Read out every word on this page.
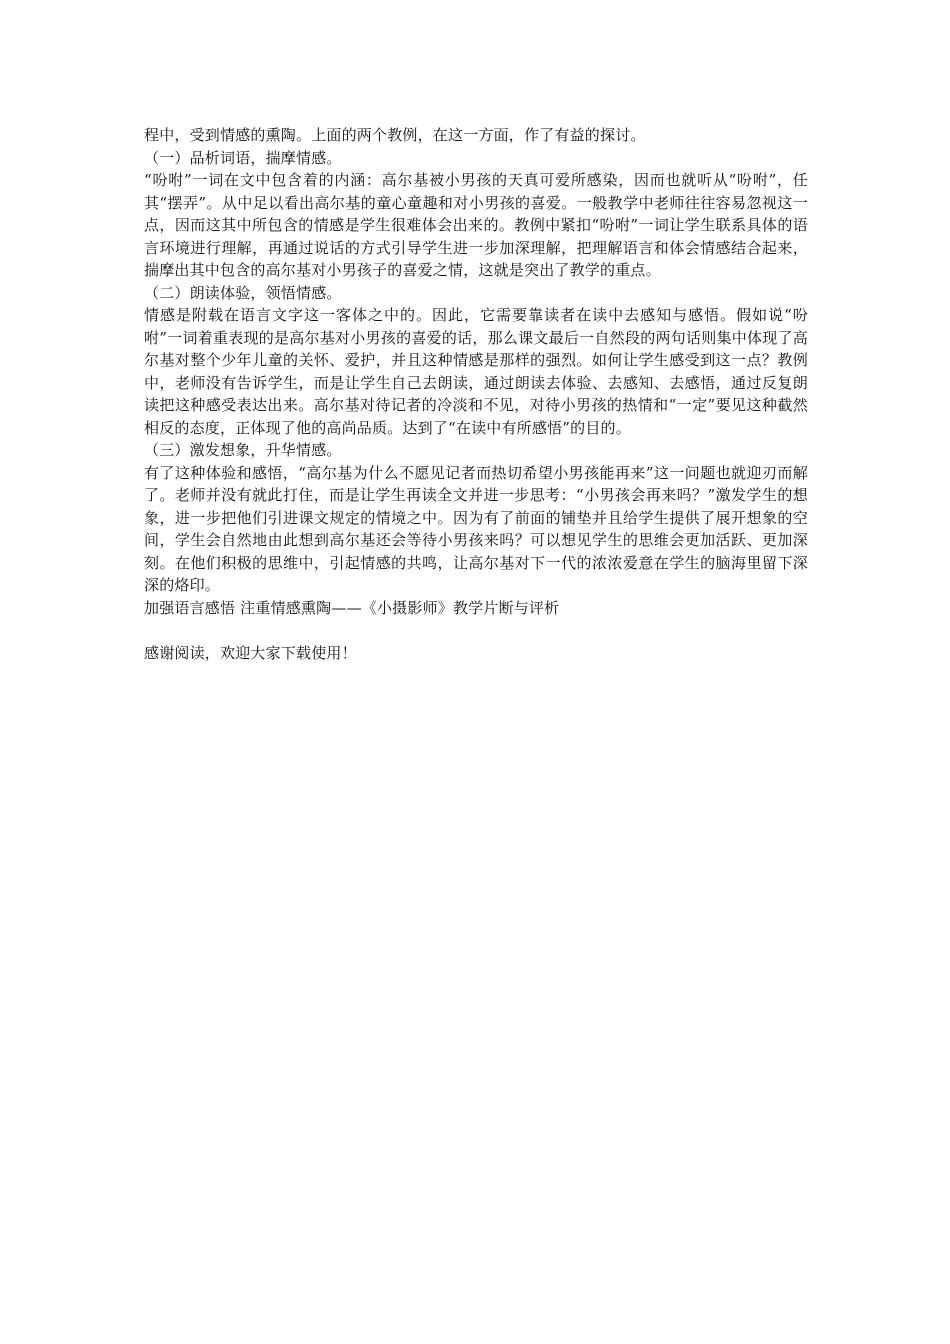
程中，受到情感的熏陶。上面的两个教例，在这一方面，作了有益的探讨。

（一）品析词语，揣摩情感。

“吩咐”一词在文中包含着的内涵：高尔基被小男孩的天真可爱所感染，因而也就听从“吩咐”，任其“摆弄”。从中足以看出高尔基的童心童趣和对小男孩的喜爱。一般教学中老师往往容易忽视这一点，因而这其中所包含的情感是学生很难体会出来的。教例中紧扣“吩咐”一词让学生联系具体的语言环境进行理解，再通过说话的方式引导学生进一步加深理解，把理解语言和体会情感结合起来，揣摩出其中包含的高尔基对小男孩子的喜爱之情，这就是突出了教学的重点。

（二）朗读体验，领悟情感。

情感是附载在语言文字这一客体之中的。因此，它需要靠读者在读中去感知与感悟。假如说“吩咐”一词着重表现的是高尔基对小男孩的喜爱的话，那么课文最后一自然段的两句话则集中体现了高尔基对整个少年儿童的关怀、爱护，并且这种情感是那样的强烈。如何让学生感受到这一点？教例中，老师没有告诉学生，而是让学生自己去朗读，通过朗读去体验、去感知、去感悟，通过反复朗读把这种感受表达出来。高尔基对待记者的冷淡和不见，对待小男孩的热情和“一定”要见这种截然相反的态度，正体现了他的高尚品质。达到了“在读中有所感悟”的目的。

（三）激发想象，升华情感。

有了这种体验和感悟，“高尔基为什么不愿见记者而热切希望小男孩能再来”这一问题也就迎刃而解了。老师并没有就此打住，而是让学生再读全文并进一步思考：“小男孩会再来吗？”激发学生的想象，进一步把他们引进课文规定的情境之中。因为有了前面的铺垫并且给学生提供了展开想象的空间，学生会自然地由此想到高尔基还会等待小男孩来吗？可以想见学生的思维会更加活跃、更加深刻。在他们积极的思维中，引起情感的共鸣，让高尔基对下一代的浓浓爱意在学生的脑海里留下深深的烙印。

加强语言感悟 注重情感熏陶——《小摄影师》教学片断与评析

感谢阅读，欢迎大家下载使用！
